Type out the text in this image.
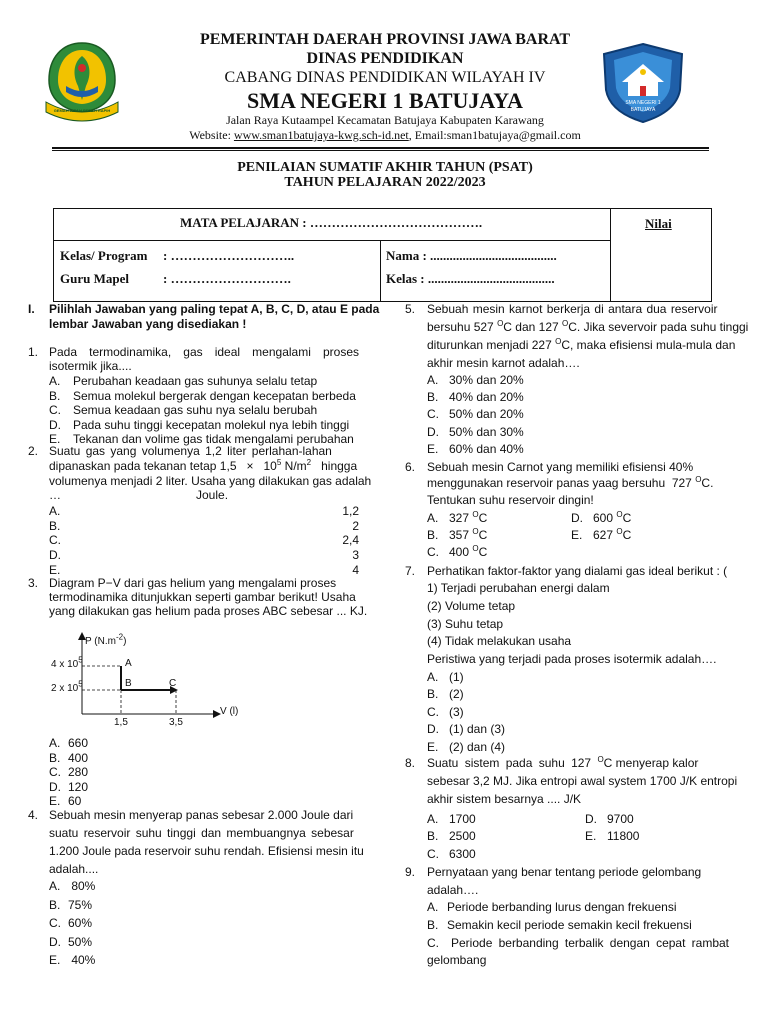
GEMAH RIPAH REPEH RAPIH
SMA NEGERI 1
BATUJAYA
PEMERINTAH DAERAH PROVINSI JAWA BARAT
DINAS PENDIDIKAN
CABANG DINAS PENDIDIKAN WILAYAH IV
SMA NEGERI 1 BATUJAYA
Jalan Raya Kutaampel Kecamatan Batujaya Kabupaten Karawang
Website: www.sman1batujaya-kwg.sch-id.net, Email:sman1batujaya@gmail.com
PENILAIAN SUMATIF AKHIR TAHUN (PSAT)
TAHUN PELAJARAN 2022/2023
MATA PELAJARAN : ………………………………….	Nilai
Kelas/ Program : ………………………..
Guru Mapel	: ……………………….
Nama : .......................................
Kelas : .......................................
I. Pilihlah Jawaban yang paling tepat A, B, C, D, atau E pada
lembar Jawaban yang disediakan !
1. Pada termodinamika, gas ideal mengalami proses isotermik jika....
A. Perubahan keadaan gas suhunya selalu tetap
B. Semua molekul bergerak dengan kecepatan berbeda
C. Semua keadaan gas suhu nya selalu berubah
D. Pada suhu tinggi kecepatan molekul nya lebih tinggi
E. Tekanan dan volime gas tidak mengalami perubahan
2. Suatu gas yang volumenya 1,2 liter perlahan-lahan
dipanaskan pada tekanan tetap $1,5 \times 10^5$ $N/m^2$   hingga
volumenya menjadi 2 liter. Usaha yang dilakukan gas adalah
…	Joule.
A.	1,2
B.	2
C.	2,4
D.	3
E.	4
3. Diagram P−V dari gas helium yang mengalami proses
termodinamika ditunjukkan seperti gambar berikut! Usaha
yang dilakukan gas helium pada proses ABC sebesar ... KJ.
P $(N.m^{-2})$
4 x $10^5$
2 x $10^5$
A
B	C
1,5	3,5
V (l)
A. 660
B. 400
C. 280
D. 120
E. 60
4. Sebuah mesin menyerap panas sebesar 2.000 Joule dari
suatu reservoir suhu tinggi dan membuangnya sebesar
1.200 Joule pada reservoir suhu rendah. Efisiensi mesin itu
adalah....
A. 80%
B. 75%
C. 60%
D. 50%
E. 40%
5. Sebuah mesin karnot berkerja di antara dua reservoir
bersuhu 527 $^O$C dan 127 $^O$C. Jika severvoir pada suhu tinggi
diturunkan menjadi 227 $^O$C, maka efisiensi mula-mula dan
akhir mesin karnot adalah….
A. 30% dan 20%
B. 40% dan 20%
C. 50% dan 20%
D. 50% dan 30%
E. 60% dan 40%
6. Sebuah mesin Carnot yang memiliki efisiensi 40%
menggunakan reservoir panas yaag bersuhu  727 $^O$C.
Tentukan suhu reservoir dingin!
A. 327 $^O$C
B. 357 $^O$C
C. 400 $^O$C
D. 600 $^O$C
E. 627 $^O$C
7. Perhatikan faktor-faktor yang dialami gas ideal berikut : (
1) Terjadi perubahan energi dalam
(2) Volume tetap
(3) Suhu tetap
(4) Tidak melakukan usaha
Peristiwa yang terjadi pada proses isotermik adalah….
A. (1)
B. (2)
C. (3)
D. (1) dan (3)
E. (2) dan (4)
8. Suatu sistem pada suhu 127 $^O$C menyerap kalor
sebesar 3,2 MJ. Jika entropi awal system 1700 J/K entropi
akhir sistem besarnya .... J/K
A. 1700
B. 2500
C. 6300
D. 9700
E. 11800
9. Pernyataan yang benar tentang periode gelombang
adalah….
A. Periode berbanding lurus dengan frekuensi
B. Semakin kecil periode semakin kecil frekuensi
C.	Periode berbanding terbalik dengan cepat rambat
gelombang
